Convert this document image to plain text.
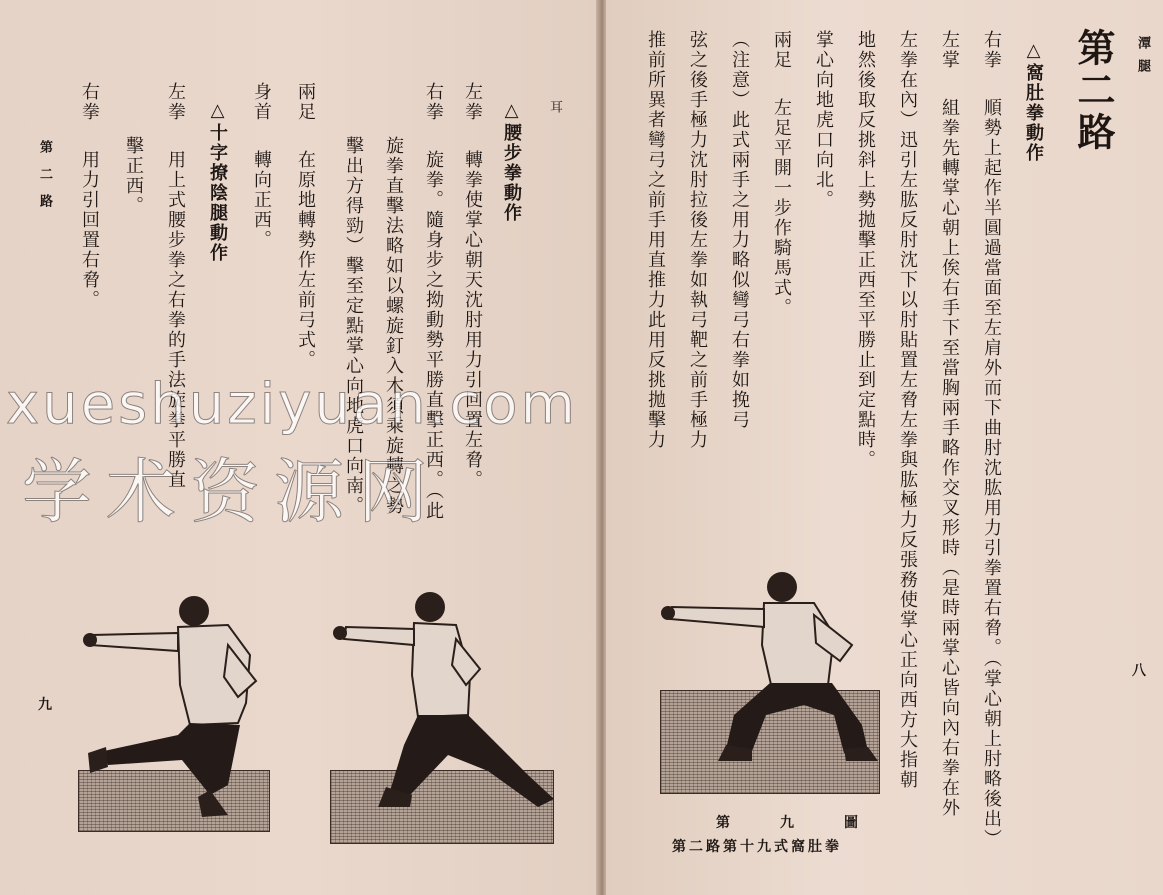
耳
△腰步拳動作
左拳轉拳使掌心朝天沈肘用力引回置左脅。
右拳旋拳。隨身步之拗動勢平勝直擊正西。（此
旋拳直擊法略如以螺旋釘入木須乘旋轉之勢
擊出方得勁）擊至定點掌心向地虎口向南。
兩足在原地轉勢作左前弓式。
身首轉向正西。
△十字撩陰腿動作
左拳用上式腰步拳之右拳的手法旋拳平勝直
擊正西。
右拳用力引回置右脅。
第二路
九
xueshuziyuan.com
学术资源网
潭腿
第二路
△窩肚拳動作
右拳順勢上起作半圓過當面至左肩外而下曲肘沈肱用力引拳置右脅。（掌心朝上肘略後出）
左掌組拳先轉掌心朝上俟右手下至當胸兩手略作交叉形時（是時兩掌心皆向內右拳在外
左拳在內）迅引左肱反肘沈下以肘貼置左脅左拳與肱極力反張務使掌心正向西方大指朝
地然後取反挑斜上勢拋擊正西至平勝止到定點時。
掌心向地虎口向北。
兩足左足平開一步作騎馬式。
（注意）此式兩手之用力略似彎弓右拳如挽弓
弦之後手極力沈肘拉後左拳如執弓靶之前手極力
推前所異者彎弓之前手用直推力此用反挑拋擊力
八
第　九　圖
第二路第十九式窩肚拳
